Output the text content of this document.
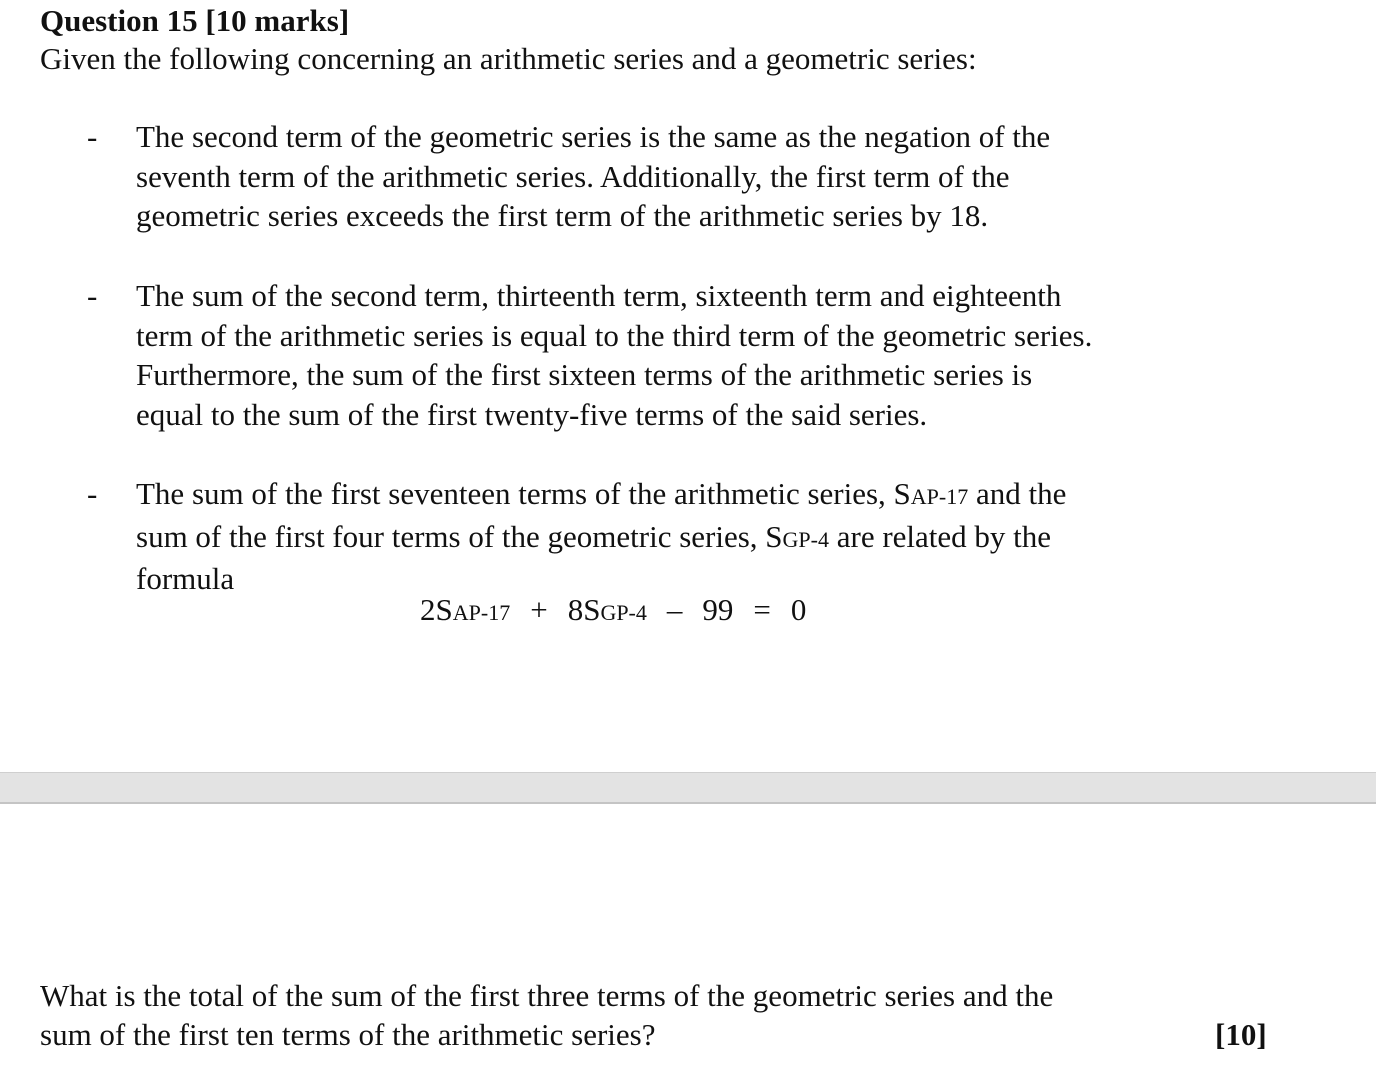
Question 15 [10 marks]
Given the following concerning an arithmetic series and a geometric series:
- The second term of the geometric series is the same as the negation of the
seventh term of the arithmetic series. Additionally, the first term of the
geometric series exceeds the first term of the arithmetic series by 18.
- The sum of the second term, thirteenth term, sixteenth term and eighteenth
term of the arithmetic series is equal to the third term of the geometric series.
Furthermore, the sum of the first sixteen terms of the arithmetic series is
equal to the sum of the first twenty-five terms of the said series.
- The sum of the first seventeen terms of the arithmetic series, SAP-17 and the
sum of the first four terms of the geometric series, SGP-4 are related by the
formula
2SAP-17 + 8SGP-4 – 99 = 0
What is the total of the sum of the first three terms of the geometric series and the
sum of the first ten terms of the arithmetic series?	[10]
